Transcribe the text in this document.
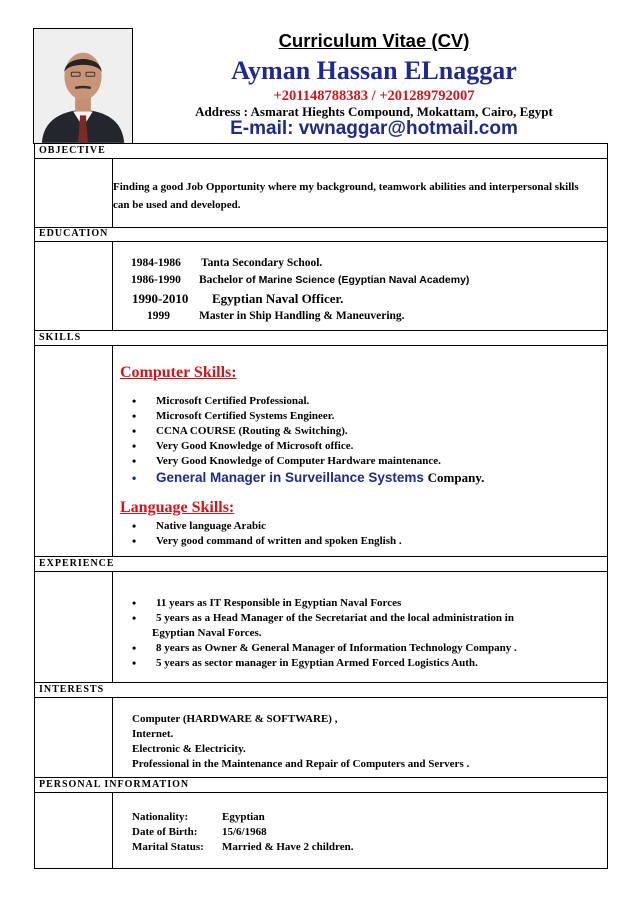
Curriculum Vitae (CV)
Ayman Hassan ELnaggar
+201148788383 / +201289792007
Address : Asmarat Hieghts Compound, Mokattam, Cairo, Egypt
E-mail: vwnaggar@hotmail.com
OBJECTIVE
Finding a good Job Opportunity where my background, teamwork abilities and interpersonal skills can be used and developed.
EDUCATION
1984-1986 Tanta Secondary School.
1986-1990 Bachelor of Marine Science (Egyptian Naval Academy)
1990-2010 Egyptian Naval Officer.
1999	Master in Ship Handling & Maneuvering.
SKILLS
Computer Skills:
• Microsoft Certified Professional.
• Microsoft Certified Systems Engineer.
• CCNA COURSE (Routing & Switching).
• Very Good Knowledge of Microsoft office.
• Very Good Knowledge of Computer Hardware maintenance.
• General Manager in Surveillance Systems Company.
Language Skills:
• Native language Arabic
• Very good command of written and spoken English .
EXPERIENCE
• 11 years as IT Responsible in Egyptian Naval Forces
• 5 years as a Head Manager of the Secretariat and the local administration in
Egyptian Naval Forces.
• 8 years as Owner & General Manager of Information Technology Company .
• 5 years as sector manager in Egyptian Armed Forced Logistics Auth.
INTERESTS
Computer (HARDWARE & SOFTWARE) ,
Internet.
Electronic & Electricity.
Professional in the Maintenance and Repair of Computers and Servers .
PERSONAL INFORMATION
Nationality:	Egyptian
Date of Birth: 15/6/1968
Marital Status: Married & Have 2 children.
